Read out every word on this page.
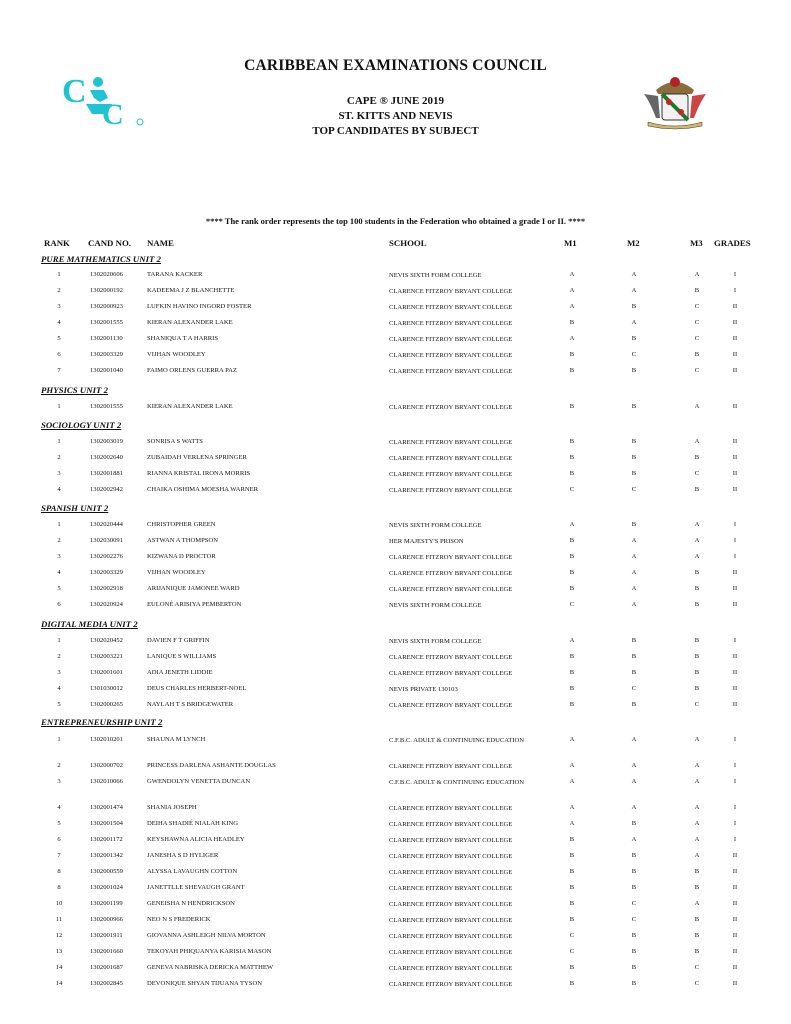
C
C
CARIBBEAN EXAMINATIONS COUNCIL
CAPE ® JUNE 2019
ST. KITTS AND NEVIS
TOP CANDIDATES BY SUBJECT
**** The rank order represents the top 100 students in the Federation who obtained a grade I or II. ****
RANK CAND NO. NAME	SCHOOL	M1	M2	M3 GRADES
PURE MATHEMATICS UNIT 2
1	1302020606	TARANA KACKER	NEVIS SIXTH FORM COLLEGE	A	A	A	I
2	1302000192	KADEEMA J Z BLANCHETTE	CLARENCE FITZROY BRYANT COLLEGE	A	A	B	I
3	1302000923	LUFKIN HAVINO INGORD FOSTER	CLARENCE FITZROY BRYANT COLLEGE	A	B	C	II
4	1302001555	KIERAN ALEXANDER LAKE	CLARENCE FITZROY BRYANT COLLEGE	B	A	C	II
5	1302001130	SHANIQUA T A HARRIS	CLARENCE FITZROY BRYANT COLLEGE	A	B	C	II
6	1302003329	VIJHAN WOODLEY	CLARENCE FITZROY BRYANT COLLEGE	B	C	B	II
7	1302001040	FAIMO ORLENS GUERRA PAZ	CLARENCE FITZROY BRYANT COLLEGE	B	B	C	II
PHYSICS UNIT 2
1	1302001555	KIERAN ALEXANDER LAKE	CLARENCE FITZROY BRYANT COLLEGE	B	B	A	II
SOCIOLOGY UNIT 2
1	1302003019	SONRISA S WATTS	CLARENCE FITZROY BRYANT COLLEGE	B	B	A	II
2	1302002640	ZUBAIDAH VERLENA SPRINGER	CLARENCE FITZROY BRYANT COLLEGE	B	B	B	II
3	1302001881	RIANNA KRISTAL IRONA MORRIS	CLARENCE FITZROY BRYANT COLLEGE	B	B	C	II
4	1302002942	CHAIKA OSHIMA MOESHA WARNER	CLARENCE FITZROY BRYANT COLLEGE	C	C	B	II
SPANISH UNIT 2
1	1302020444	CHRISTOPHER GREEN	NEVIS SIXTH FORM COLLEGE	A	B	A	I
2	1302030091	ASTWAN A THOMPSON	HER MAJESTY'S PRISON	B	A	A	I
3	1302002276	KIZWANA D PROCTOR	CLARENCE FITZROY BRYANT COLLEGE	B	A	A	I
4	1302003329	VIJHAN WOODLEY	CLARENCE FITZROY BRYANT COLLEGE	B	A	B	II
5	1302002918	ARIJANIQUE JAMONEE WARD	CLARENCE FITZROY BRYANT COLLEGE	B	A	B	II
6	1302020924	EULONÉ ARISIYA PEMBERTON	NEVIS SIXTH FORM COLLEGE	C	A	B	II
DIGITAL MEDIA UNIT 2
1	1302020452	DAVIEN F T GRIFFIN	NEVIS SIXTH FORM COLLEGE	A	B	B	I
2	1302003221	LANIQUE S WILLIAMS	CLARENCE FITZROY BRYANT COLLEGE	B	B	B	II
3	1302001601	ADIA JENETH LIDDIE	CLARENCE FITZROY BRYANT COLLEGE	B	B	B	II
4	1301030012	DEUS CHARLES HERBERT-NOEL	NEVIS PRIVATE 130103	B	C	B	II
5	1302000265	NAYLAH T S BRIDGEWATER	CLARENCE FITZROY BRYANT COLLEGE	B	B	C	II
ENTREPRENEURSHIP UNIT 2
1	1302010201	SHAUNA M LYNCH	C.F.B.C. ADULT & CONTINUING EDUCATION	A	A	A	I
2	1302000702	PRINCESS DARLENA ASHANTE DOUGLAS	CLARENCE FITZROY BRYANT COLLEGE	A	A	A	I
3	1302010066	GWENDOLYN VENETTA DUNCAN	C.F.B.C. ADULT & CONTINUING EDUCATION	A	A	A	I
4	1302001474	SHANIA JOSEPH	CLARENCE FITZROY BRYANT COLLEGE	A	A	A	I
5	1302001504	DEIHA SHADIÉ NIALAH KING	CLARENCE FITZROY BRYANT COLLEGE	A	B	A	I
6	1302001172	KEYSHAWNA ALICIA HEADLEY	CLARENCE FITZROY BRYANT COLLEGE	B	A	A	I
7	1302001342	JANESHA S D HYLIGER	CLARENCE FITZROY BRYANT COLLEGE	B	B	A	II
8	1302000559	ALYSSA LAVAUGHN COTTON	CLARENCE FITZROY BRYANT COLLEGE	B	B	B	II
8	1302001024	JANETTLLE SHEVAUGH GRANT	CLARENCE FITZROY BRYANT COLLEGE	B	B	B	II
10	1302001199	GENEISHA N HENDRICKSON	CLARENCE FITZROY BRYANT COLLEGE	B	C	A	II
11	1302000966	NEO N S FREDERICK	CLARENCE FITZROY BRYANT COLLEGE	B	C	B	II
12	1302001911	GIOVANNA ASHLEIGH NILVA MORTON	CLARENCE FITZROY BRYANT COLLEGE	C	B	B	II
13	1302001660	TEKOYAH PHIQUANYA KARISIA MASON	CLARENCE FITZROY BRYANT COLLEGE	C	B	B	II
14	1302001687	GENEVA NABRISKA DERICKA MATTHEW	CLARENCE FITZROY BRYANT COLLEGE	B	B	C	II
14	1302002845	DEVONIQUE SHYAN TIJUANA TYSON	CLARENCE FITZROY BRYANT COLLEGE	B	B	C	II
